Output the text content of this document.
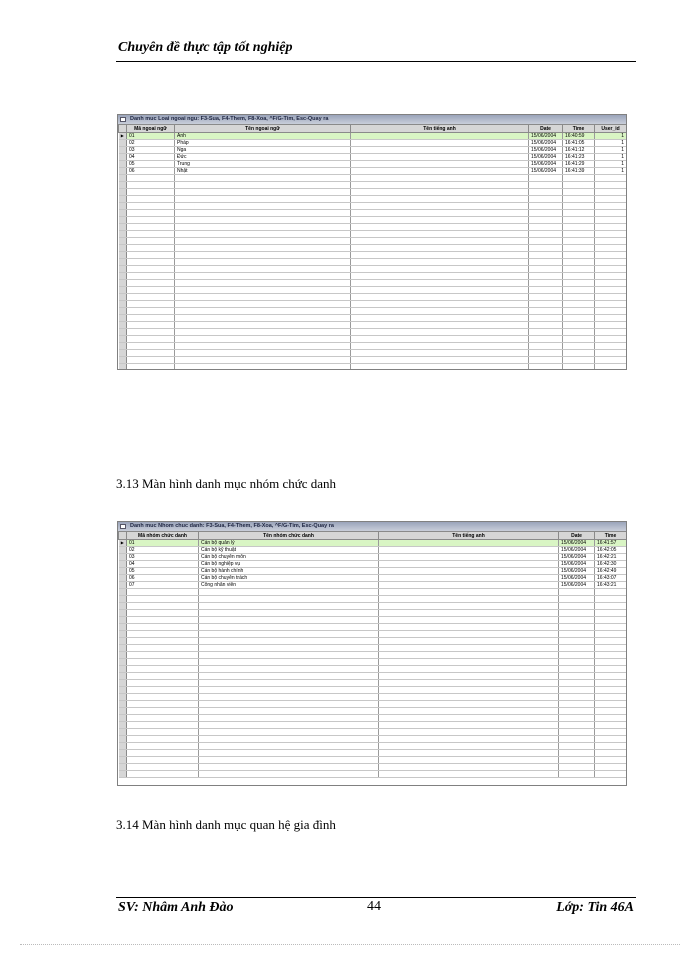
Chuyên đề thực tập tốt nghiệp
Danh muc Loai ngoai ngu: F3-Sua, F4-Them, F8-Xoa, ^F/G-Tim, Esc-Quay ra
	Mã ngoai ngữ	Tên ngoai ngữ	Tên tiếng anh	Date	Time	User_id
▶	01	Anh		15/06/2004	16:40:59	1
	02	Pháp		15/06/2004	16:41:05	1
	03	Nga		15/06/2004	16:41:12	1
	04	Đức		15/06/2004	16:41:23	1
	05	Trung		15/06/2004	16:41:29	1
	06	Nhật		15/06/2004	16:41:39	1

3.13 Màn hình danh mục nhóm chức danh
Danh muc Nhom chuc danh: F3-Sua, F4-Them, F8-Xoa, ^F/G-Tim, Esc-Quay ra
	Mã nhóm chức danh	Tên nhóm chức danh	Tên tiếng anh	Date	Time
▶	01	Cán bộ quản lý		15/06/2004	16:41:57
	02	Cán bộ kỹ thuật		15/06/2004	16:42:05
	03	Cán bộ chuyên môn		15/06/2004	16:42:21
	04	Cán bộ nghiệp vụ		15/06/2004	16:42:30
	05	Cán bộ hành chính		15/06/2004	16:42:49
	06	Cán bộ chuyên trách		15/06/2004	16:43:07
	07	Công nhân viên		15/06/2004	16:43:21

3.14 Màn hình danh mục quan hệ gia đình
SV: Nhâm Anh Đào	44	Lớp: Tin 46A
